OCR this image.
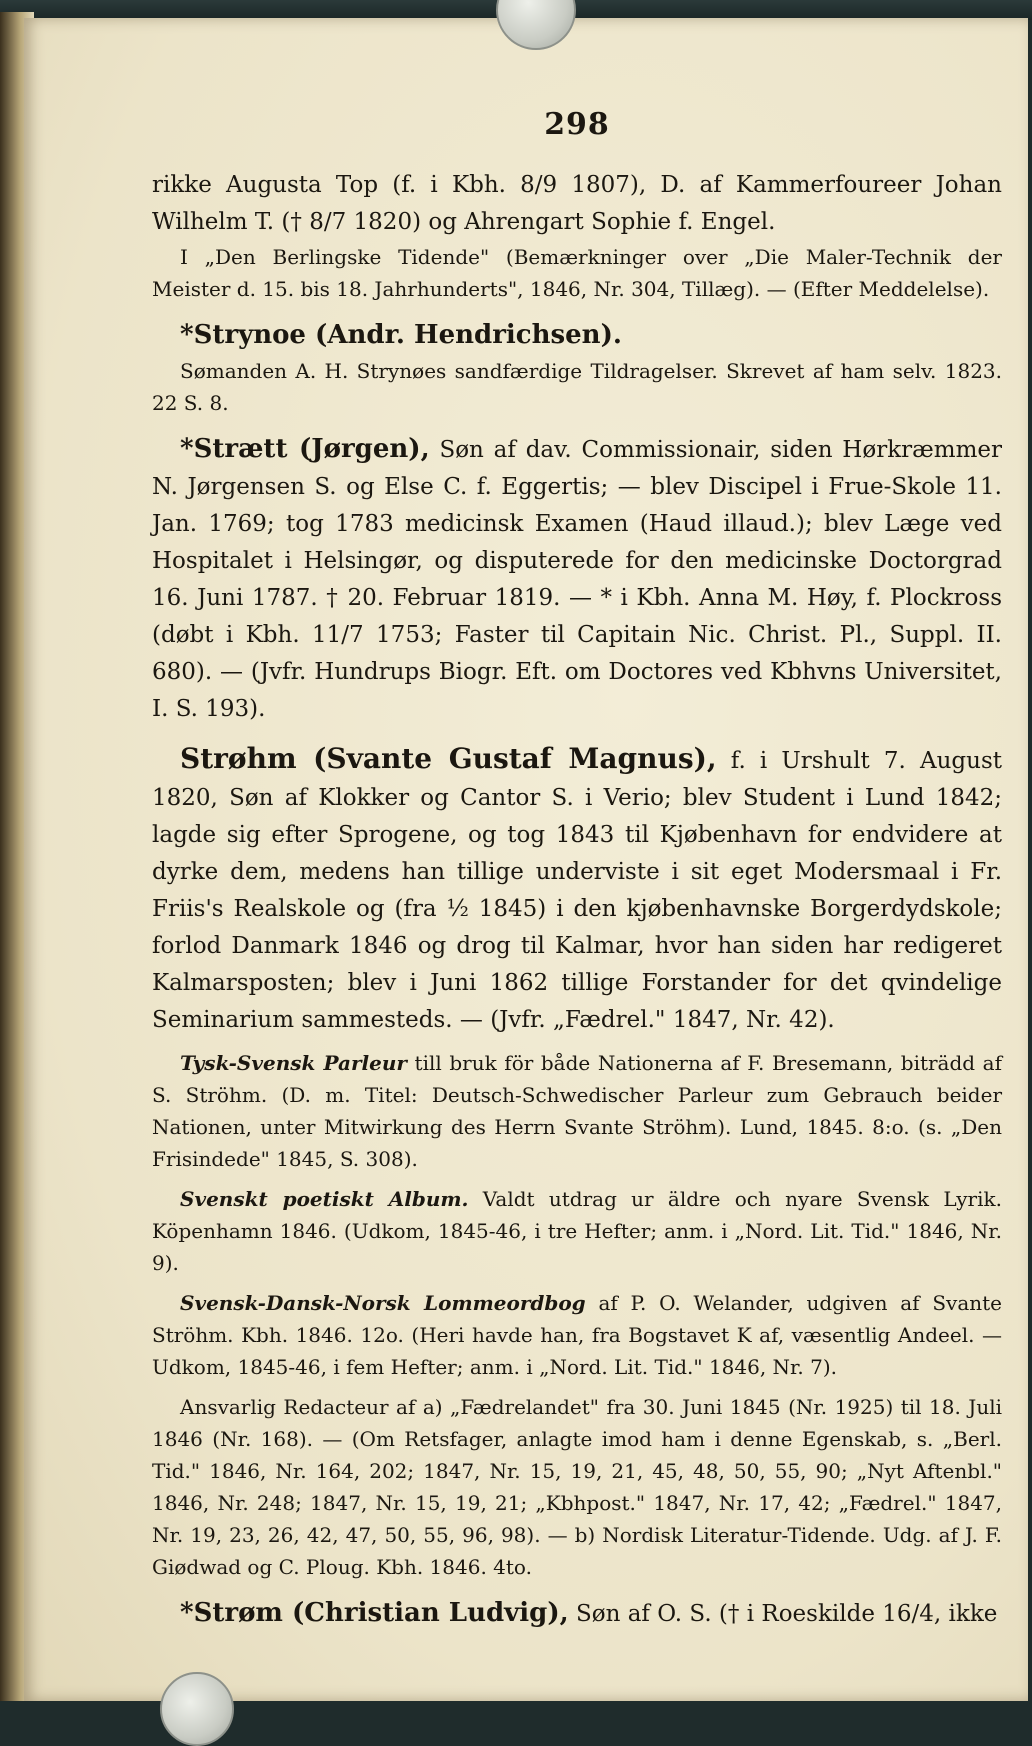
298

rikke Augusta Top (f. i Kbh. 8/9 1807), D. af Kammerfoureer Johan Wilhelm T. († 8/7 1820) og Ahrengart Sophie f. Engel.

I „Den Berlingske Tidende" (Bemærkninger over „Die Maler-Technik der Meister d. 15. bis 18. Jahrhunderts", 1846, Nr. 304, Tillæg). — (Efter Meddelelse).

*Strynoe (Andr. Hendrichsen).

Sømanden A. H. Strynøes sandfærdige Tildragelser. Skrevet af ham selv. 1823. 22 S. 8.

*Strætt (Jørgen), Søn af dav. Commissionair, siden Hørkræmmer N. Jørgensen S. og Else C. f. Eggertis; — blev Discipel i Frue-Skole 11. Jan. 1769; tog 1783 medicinsk Examen (Haud illaud.); blev Læge ved Hospitalet i Helsingør, og disputerede for den medicinske Doctorgrad 16. Juni 1787. † 20. Februar 1819. — * i Kbh. Anna M. Høy, f. Plockross (døbt i Kbh. 11/7 1753; Faster til Capitain Nic. Christ. Pl., Suppl. II. 680). — (Jvfr. Hundrups Biogr. Eft. om Doctores ved Kbhvns Universitet, I. S. 193).

Strøhm (Svante Gustaf Magnus), f. i Urshult 7. August 1820, Søn af Klokker og Cantor S. i Verio; blev Student i Lund 1842; lagde sig efter Sprogene, og tog 1843 til Kjøbenhavn for endvidere at dyrke dem, medens han tillige underviste i sit eget Modersmaal i Fr. Friis's Realskole og (fra ½ 1845) i den kjøbenhavnske Borgerdydskole; forlod Danmark 1846 og drog til Kalmar, hvor han siden har redigeret Kalmarsposten; blev i Juni 1862 tillige Forstander for det qvindelige Seminarium sammesteds. — (Jvfr. „Fædrel." 1847, Nr. 42).

Tysk-Svensk Parleur till bruk för både Nationerna af F. Bresemann, biträdd af S. Ströhm. (D. m. Titel: Deutsch-Schwedischer Parleur zum Gebrauch beider Nationen, unter Mitwirkung des Herrn Svante Ströhm). Lund, 1845. 8:o. (s. „Den Frisindede" 1845, S. 308).

Svenskt poetiskt Album. Valdt utdrag ur äldre och nyare Svensk Lyrik. Köpenhamn 1846. (Udkom, 1845-46, i tre Hefter; anm. i „Nord. Lit. Tid." 1846, Nr. 9).

Svensk-Dansk-Norsk Lommeordbog af P. O. Welander, udgiven af Svante Ströhm. Kbh. 1846. 12o. (Heri havde han, fra Bogstavet K af, væsentlig Andeel. — Udkom, 1845-46, i fem Hefter; anm. i „Nord. Lit. Tid." 1846, Nr. 7).

Ansvarlig Redacteur af a) „Fædrelandet" fra 30. Juni 1845 (Nr. 1925) til 18. Juli 1846 (Nr. 168). — (Om Retsfager, anlagte imod ham i denne Egenskab, s. „Berl. Tid." 1846, Nr. 164, 202; 1847, Nr. 15, 19, 21, 45, 48, 50, 55, 90; „Nyt Aftenbl." 1846, Nr. 248; 1847, Nr. 15, 19, 21; „Kbhpost." 1847, Nr. 17, 42; „Fædrel." 1847, Nr. 19, 23, 26, 42, 47, 50, 55, 96, 98). — b) Nordisk Literatur-Tidende. Udg. af J. F. Giødwad og C. Ploug. Kbh. 1846. 4to.

*Strøm (Christian Ludvig), Søn af O. S. († i Roeskilde 16/4, ikke
